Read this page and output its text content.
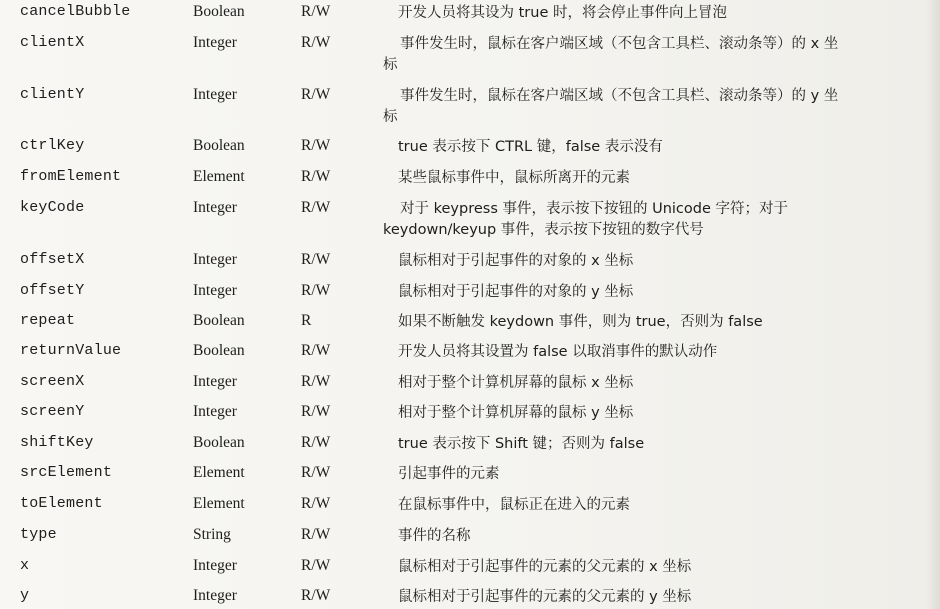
cancelBubble	Boolean	R/W	开发人员将其设为 true 时，将会停止事件向上冒泡
clientX	Integer	R/W	事件发生时，鼠标在客户端区域（不包含工具栏、滚动条等）的 x 坐标
clientY	Integer	R/W	事件发生时，鼠标在客户端区域（不包含工具栏、滚动条等）的 y 坐标
ctrlKey	Boolean	R/W	true 表示按下 CTRL 键，false 表示没有
fromElement	Element	R/W	某些鼠标事件中，鼠标所离开的元素
keyCode	Integer	R/W	对于 keypress 事件，表示按下按钮的 Unicode 字符；对于 keydown/keyup 事件，表示按下按钮的数字代号
offsetX	Integer	R/W	鼠标相对于引起事件的对象的 x 坐标
offsetY	Integer	R/W	鼠标相对于引起事件的对象的 y 坐标
repeat	Boolean	R	如果不断触发 keydown 事件，则为 true，否则为 false
returnValue	Boolean	R/W	开发人员将其设置为 false 以取消事件的默认动作
screenX	Integer	R/W	相对于整个计算机屏幕的鼠标 x 坐标
screenY	Integer	R/W	相对于整个计算机屏幕的鼠标 y 坐标
shiftKey	Boolean	R/W	true 表示按下 Shift 键；否则为 false
srcElement	Element	R/W	引起事件的元素
toElement	Element	R/W	在鼠标事件中，鼠标正在进入的元素
type	String	R/W	事件的名称
x	Integer	R/W	鼠标相对于引起事件的元素的父元素的 x 坐标
y	Integer	R/W	鼠标相对于引起事件的元素的父元素的 y 坐标
